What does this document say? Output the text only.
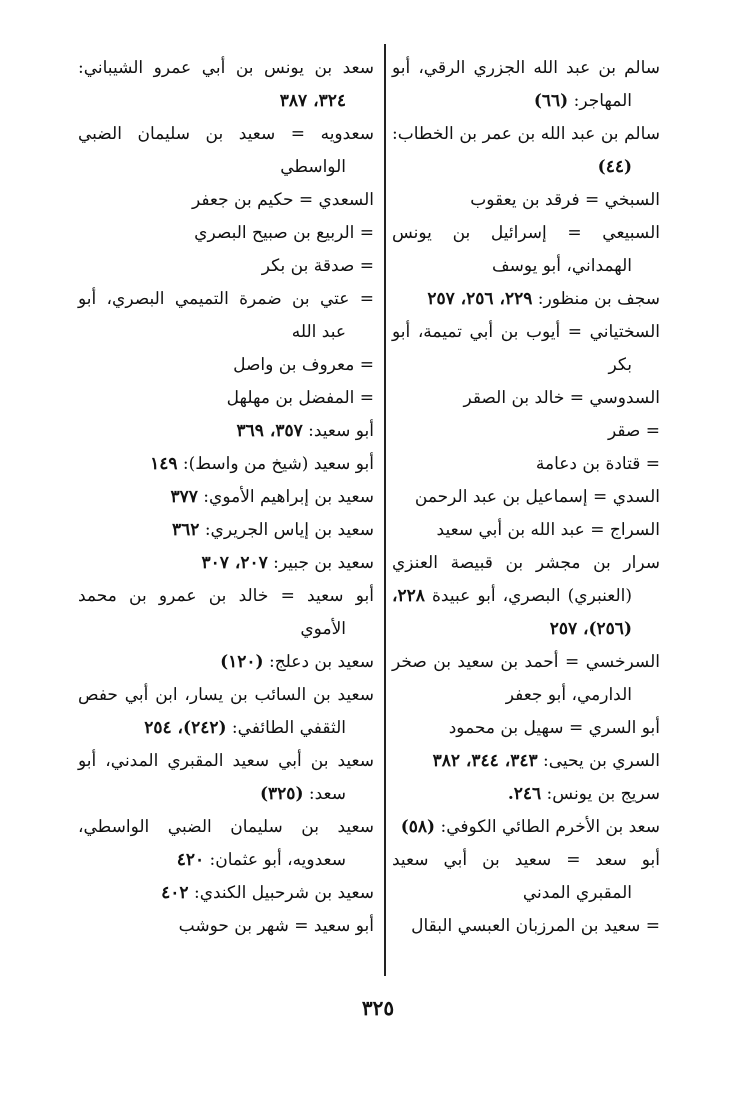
سالم بن عبد الله الجزري الرقي، أبو المهاجر: (٦٦)
سالم بن عبد الله بن عمر بن الخطاب: (٤٤)
السبخي = فرقد بن يعقوب
السبيعي = إسرائيل بن يونس الهمداني، أبو يوسف
سجف بن منظور: ٢٢٩، ٢٥٦، ٢٥٧
السختياني = أيوب بن أبي تميمة، أبو بكر
السدوسي = خالد بن الصقر
= صقر
= قتادة بن دعامة
السدي = إسماعيل بن عبد الرحمن
السراج = عبد الله بن أبي سعيد
سرار بن مجشر بن قبيصة العنزي (العنبري) البصري، أبو عبيدة ٢٢٨، (٢٥٦)، ٢٥٧
السرخسي = أحمد بن سعيد بن صخر الدارمي، أبو جعفر
أبو السري = سهيل بن محمود
السري بن يحيى: ٣٤٣، ٣٤٤، ٣٨٢
سريج بن يونس: ٢٤٦.
سعد بن الأخرم الطائي الكوفي: (٥٨)
أبو سعد = سعيد بن أبي سعيد المقبري المدني
= سعيد بن المرزبان العبسي البقال
سعد بن يونس بن أبي عمرو الشيباني: ٣٢٤، ٣٨٧
سعدويه = سعيد بن سليمان الضبي الواسطي
السعدي = حكيم بن جعفر
= الربيع بن صبيح البصري
= صدقة بن بكر
= عتي بن ضمرة التميمي البصري، أبو عبد الله
= معروف بن واصل
= المفضل بن مهلهل
أبو سعيد: ٣٥٧، ٣٦٩
أبو سعيد (شيخ من واسط): ١٤٩
سعيد بن إبراهيم الأموي: ٣٧٧
سعيد بن إياس الجريري: ٣٦٢
سعيد بن جبير: ٢٠٧، ٣٠٧
أبو سعيد = خالد بن عمرو بن محمد الأموي
سعيد بن دعلج: (١٢٠)
سعيد بن السائب بن يسار، ابن أبي حفص الثقفي الطائفي: (٢٤٢)، ٢٥٤
سعيد بن أبي سعيد المقبري المدني، أبو سعد: (٣٢٥)
سعيد بن سليمان الضبي الواسطي، سعدويه، أبو عثمان: ٤٢٠
سعيد بن شرحبيل الكندي: ٤٠٢
أبو سعيد = شهر بن حوشب
٣٢٥
